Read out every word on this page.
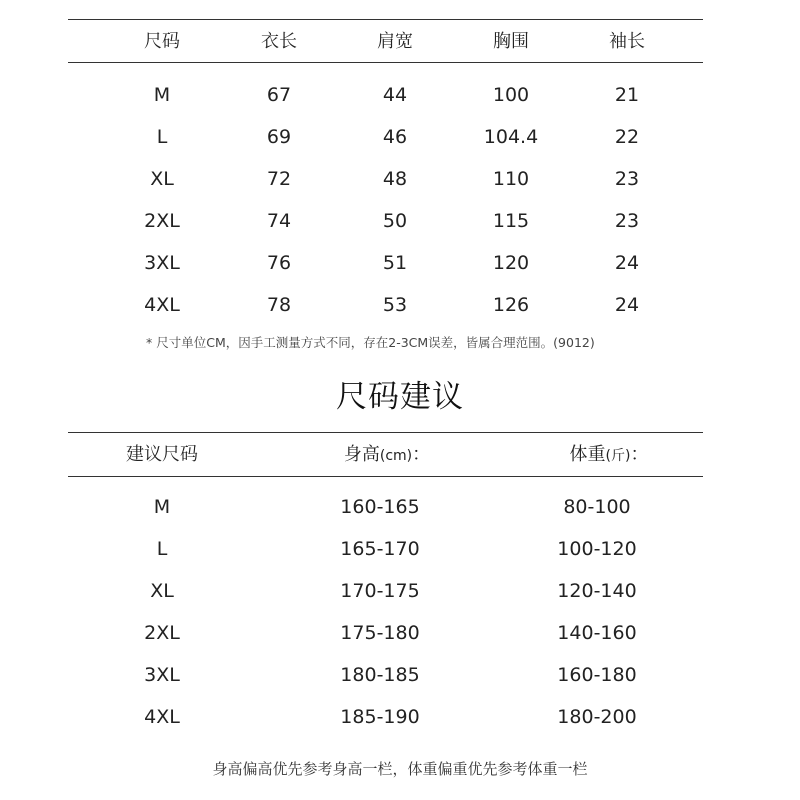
尺码	衣长	肩宽	胸围	袖长
M	67	44	100	21
L	69	46	104.4	22
XL	72	48	110	23
2XL	74	50	115	23
3XL	76	51	120	24
4XL	78	53	126	24
* 尺寸单位CM，因手工测量方式不同，存在2-3CM误差，皆属合理范围。(9012)
尺码建议
建议尺码	身高(cm)：	体重(斤)：
M	160-165	80-100
L	165-170	100-120
XL	170-175	120-140
2XL	175-180	140-160
3XL	180-185	160-180
4XL	185-190	180-200
身高偏高优先参考身高一栏，体重偏重优先参考体重一栏
